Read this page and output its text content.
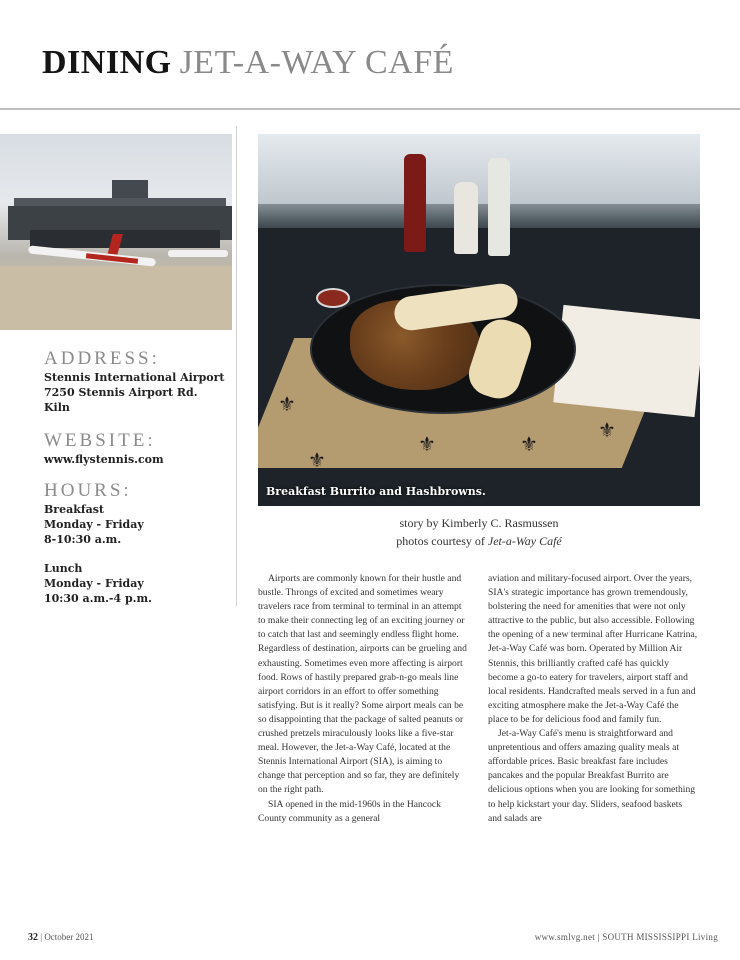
DINING JET-A-WAY CAFÉ
ADDRESS:
Stennis International Airport
7250 Stennis Airport Rd.
Kiln
WEBSITE:
www.flystennis.com
HOURS:
Breakfast
Monday - Friday
8-10:30 a.m.
Lunch
Monday - Friday
10:30 a.m.-4 p.m.
⚜
⚜
⚜	⚜
⚜
Breakfast Burrito and Hashbrowns.
story by Kimberly C. Rasmussen
photos courtesy of Jet-a-Way Café

Airports are commonly known for their hustle and bustle. Throngs of excited and sometimes weary travelers race from terminal to terminal in an attempt to make their connecting leg of an exciting journey or to catch that last and seemingly endless flight home. Regardless of destination, airports can be grueling and exhausting. Sometimes even more affecting is airport food. Rows of hastily prepared grab-n-go meals line airport corridors in an effort to offer something satisfying. But is it really? Some airport meals can be so disappointing that the package of salted peanuts or crushed pretzels miraculously looks like a five-star meal. However, the Jet-a-Way Café, located at the Stennis International Airport (SIA), is aiming to change that perception and so far, they are definitely on the right path.

SIA opened in the mid-1960s in the Hancock County community as a general

aviation and military-focused airport. Over the years, SIA's strategic importance has grown tremendously, bolstering the need for amenities that were not only attractive to the public, but also accessible. Following the opening of a new terminal after Hurricane Katrina, Jet-a-Way Café was born. Operated by Million Air Stennis, this brilliantly crafted café has quickly become a go-to eatery for travelers, airport staff and local residents. Handcrafted meals served in a fun and exciting atmosphere make the Jet-a-Way Café the place to be for delicious food and family fun.

Jet-a-Way Café's menu is straightforward and unpretentious and offers amazing quality meals at affordable prices. Basic breakfast fare includes pancakes and the popular Breakfast Burrito are delicious options when you are looking for something to help kickstart your day. Sliders, seafood baskets and salads are

32 | October 2021	www.smlvg.net | SOUTH MISSISSIPPI Living
